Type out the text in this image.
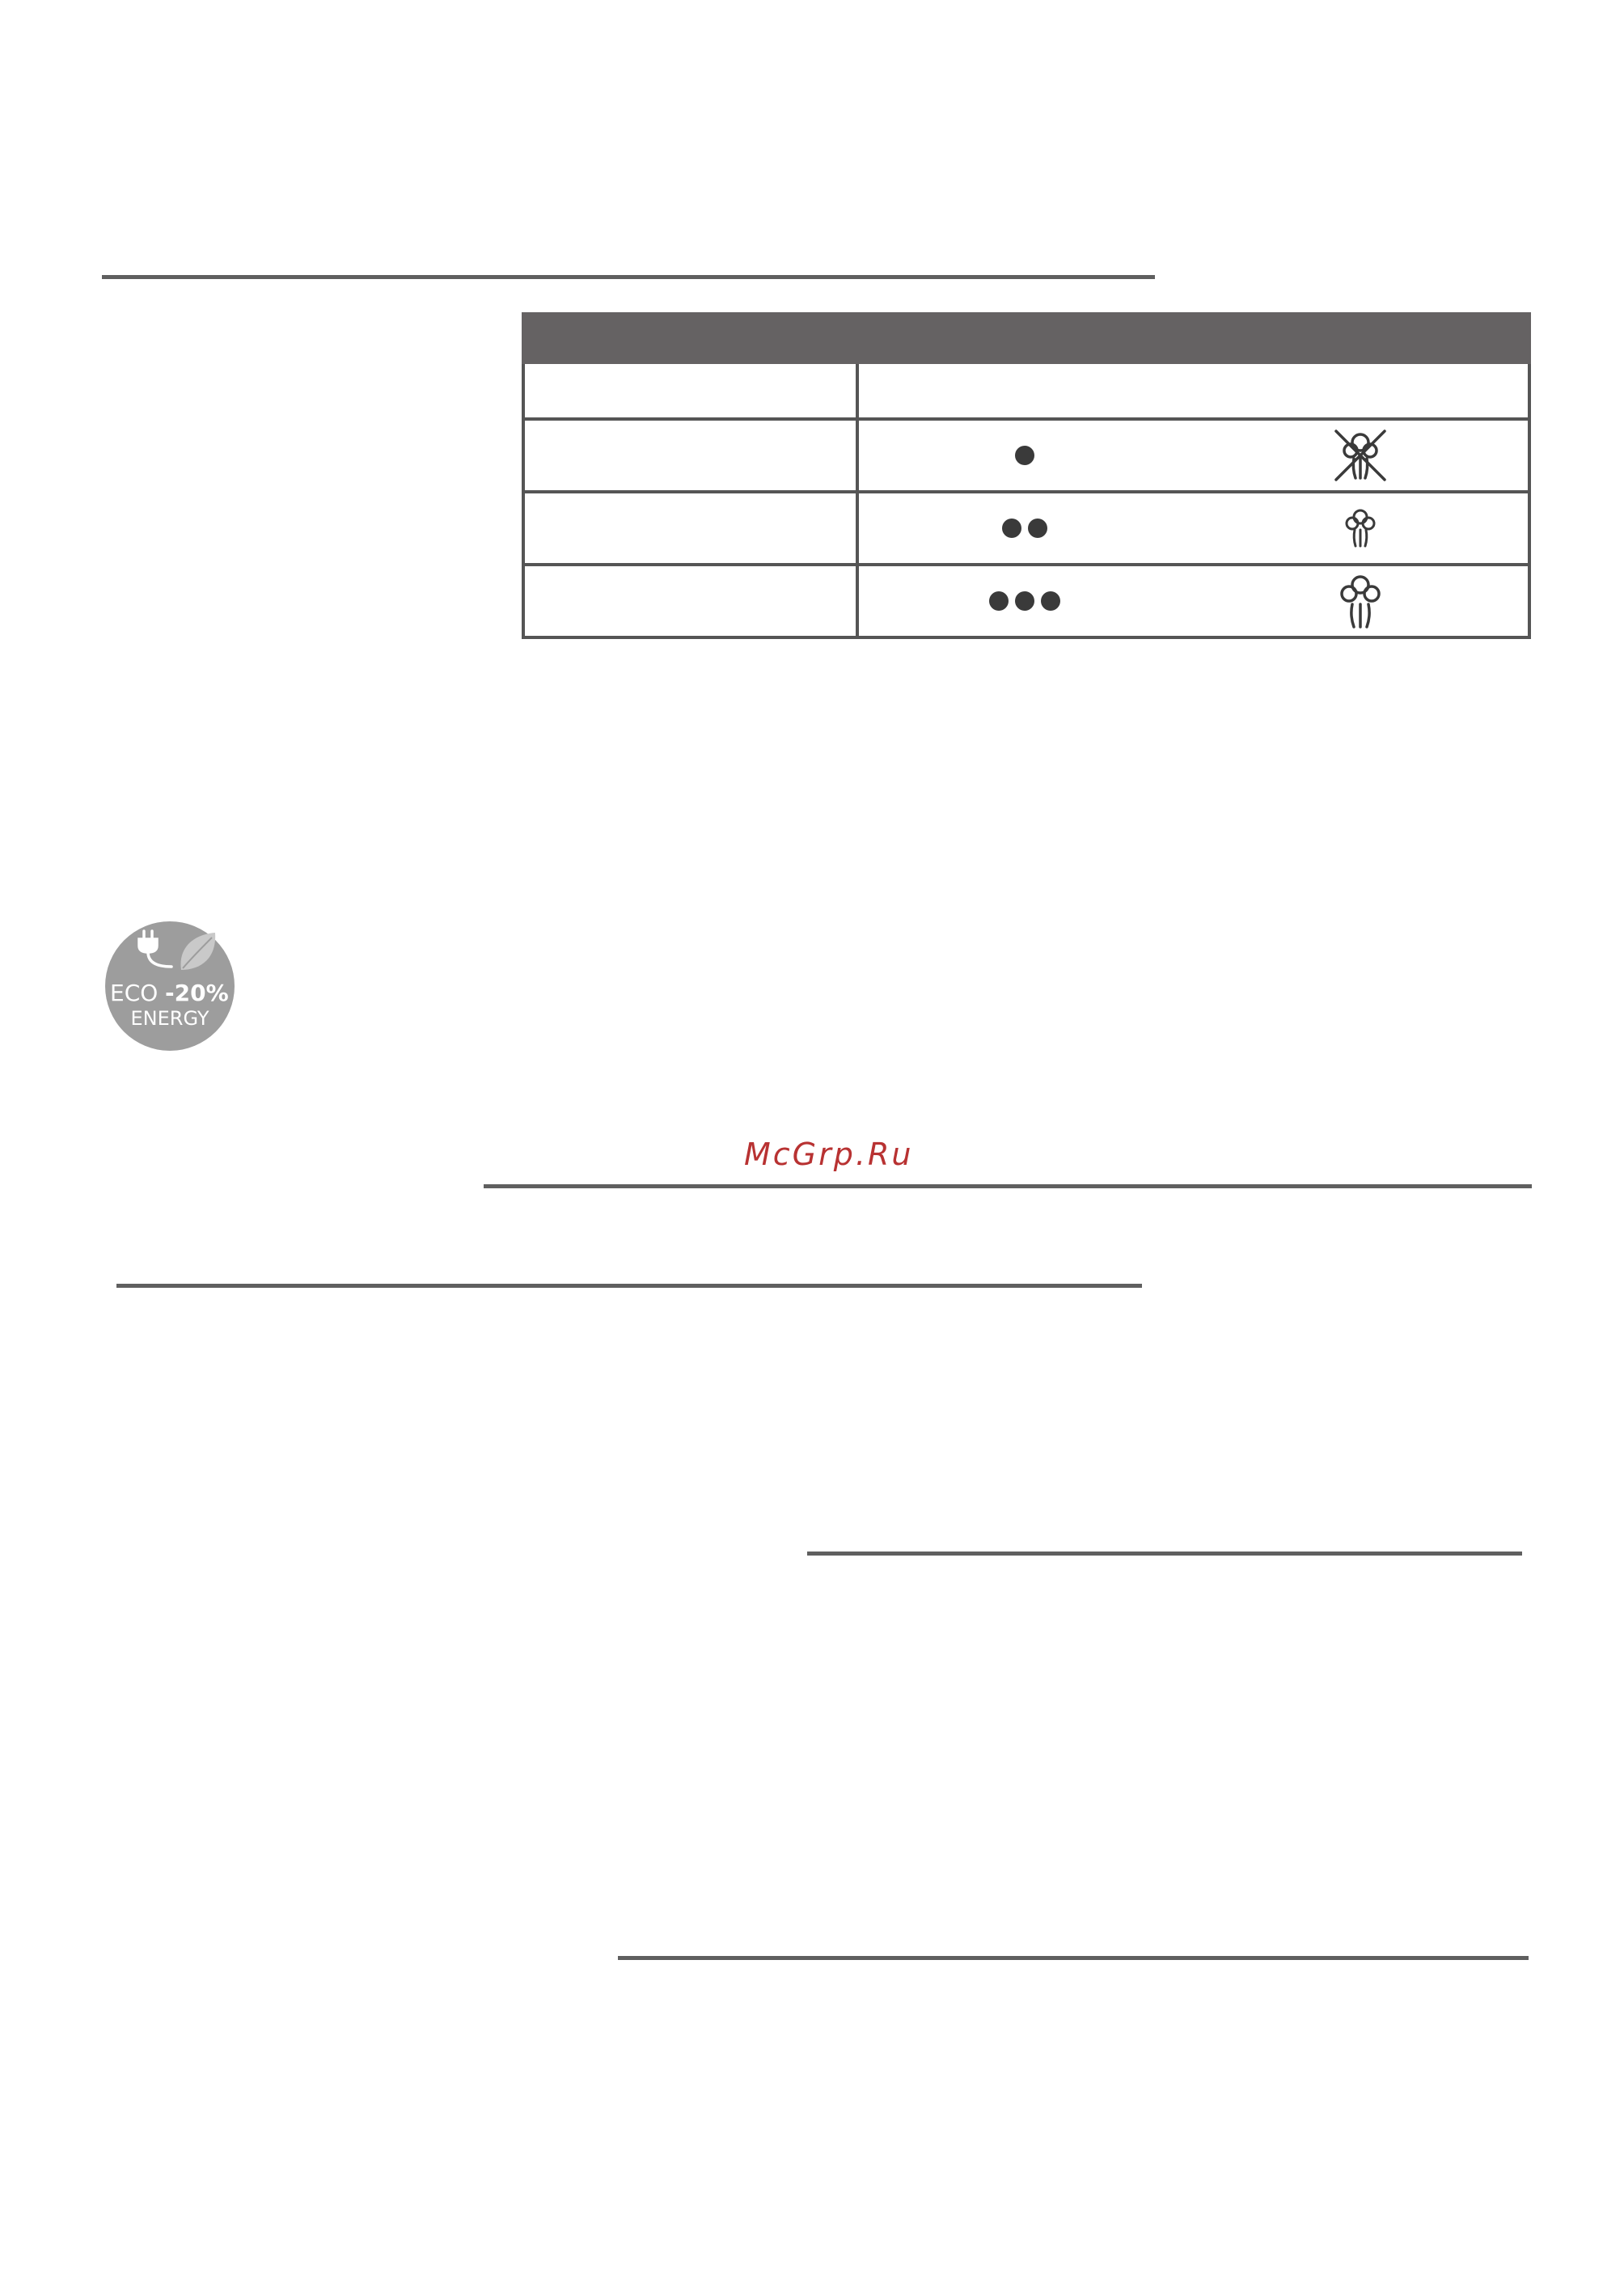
ECO -20%
ENERGY
McGrp.Ru
